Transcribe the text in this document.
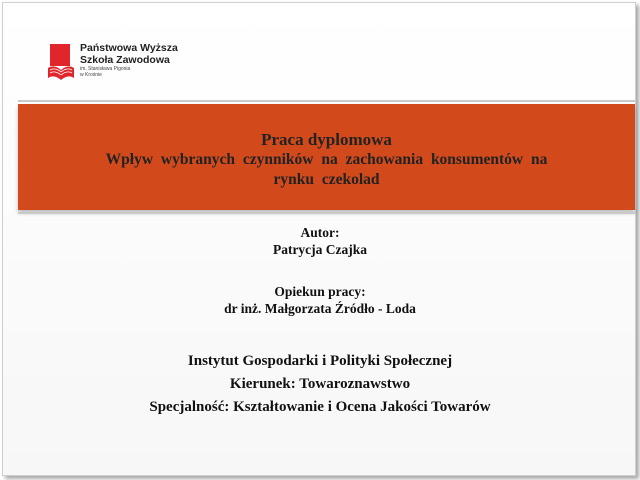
Państwowa Wyższa
Szkoła Zawodowa
im. Stanisława Pigonia
w Krośnie
Praca dyplomowa
Wpływ wybranych czynników na zachowania konsumentów na
rynku czekolad
Autor:
Patrycja Czajka
Opiekun pracy:
dr inż. Małgorzata Źródło - Loda
Instytut Gospodarki i Polityki Społecznej
Kierunek: Towaroznawstwo
Specjalność: Kształtowanie i Ocena Jakości Towarów
